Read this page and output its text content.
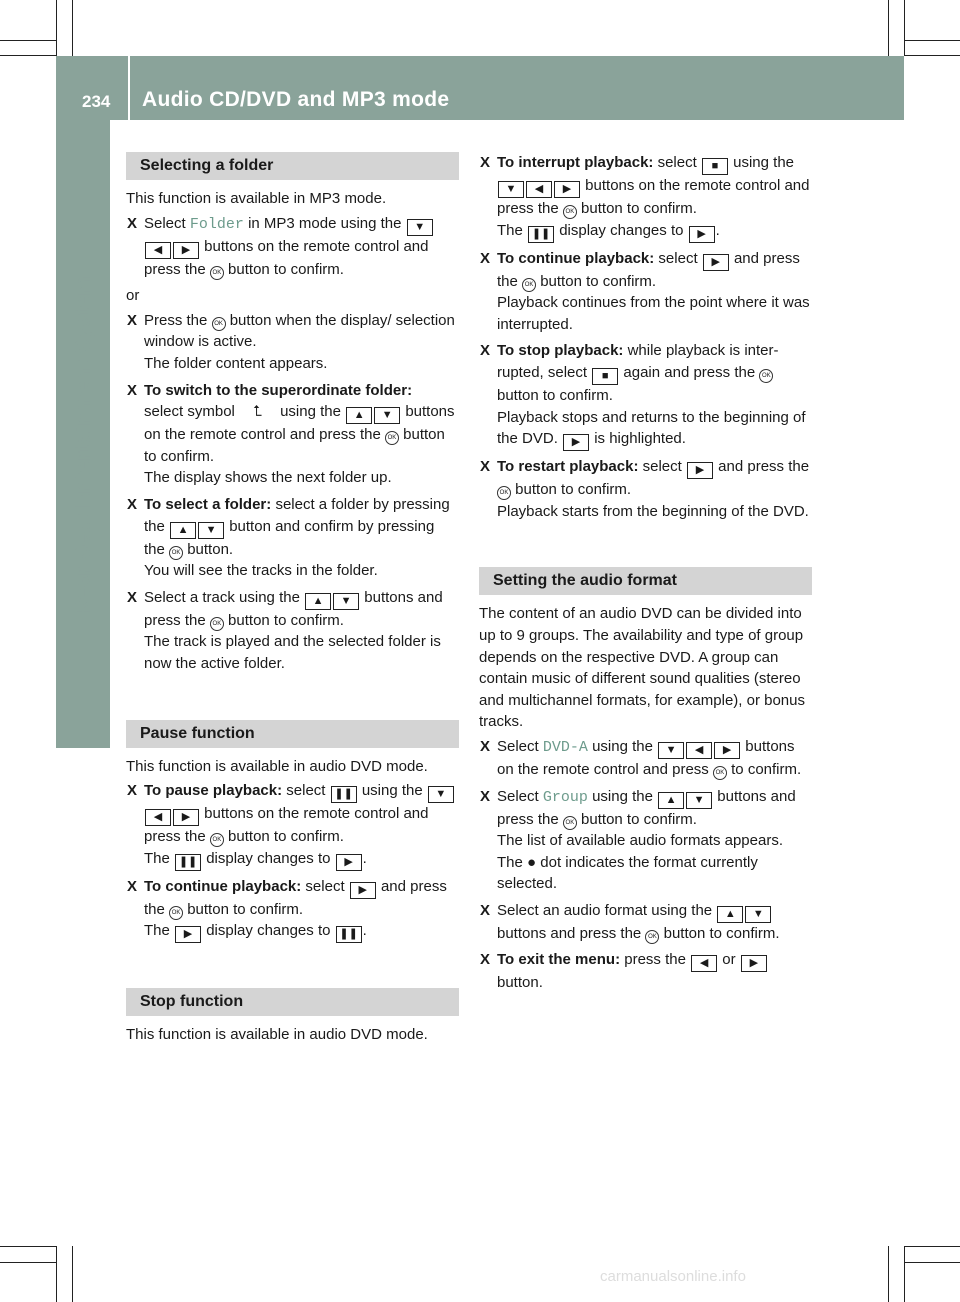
234 Audio CD/DVD and MP3 mode
Rear Seat Entertainment System
Selecting a folder

This function is available in MP3 mode.

X Select Folder in MP3 mode using the ▼◀ ▶ buttons on the remote control and press the OK button to confirm.

or

X Press the OK button when the display/ selection window is active.
The folder content appears.
X To switch to the superordinate folder:
select symbol ⮤ using the ▲ ▼ buttons on the remote control and press the OK button to confirm.
The display shows the next folder up.
X To select a folder: select a folder by pressing the ▲ ▼ button and confirm by pressing the OK button.
You will see the tracks in the folder.
X Select a track using the ▲ ▼ buttons and press the OK button to confirm.
The track is played and the selected folder is now the active folder.
Pause function

This function is available in audio DVD mode.

X To pause playback: select ❚❚ using the ▼◀ ▶ buttons on the remote control and press the OK button to confirm.
The ❚❚ display changes to ▶ .
X To continue playback: select ▶ and press the OK button to confirm.
The ▶ display changes to ❚❚ .
Stop function

This function is available in audio DVD mode.

X To interrupt playback: select ■ using the ▼ ◀ ▶ buttons on the remote control and press the OK button to confirm.
The ❚❚ display changes to ▶ .
X To continue playback: select ▶ and press the OK button to confirm.
Playback continues from the point where it was interrupted.
X To stop playback: while playback is interrupted, select ■ again and press the OK button to confirm.
Playback stops and returns to the beginning of the DVD. ▶ is highlighted.
X To restart playback: select ▶ and press the OK button to confirm.
Playback starts from the beginning of the DVD.
Setting the audio format

The content of an audio DVD can be divided into up to 9 groups. The availability and type of group depends on the respective DVD. A group can contain music of different sound qualities (stereo and multichannel formats, for example), or bonus tracks.

X Select DVD-A using the ▼ ◀ ▶ buttons on the remote control and press OK to confirm.
X Select Group using the ▲ ▼ buttons and press the OK button to confirm.
The list of available audio formats appears.
The ● dot indicates the format currently selected.
X Select an audio format using the ▲ ▼ buttons and press the OK button to confirm.
X To exit the menu: press the ◀ or ▶ button.
carmanualsonline.info
